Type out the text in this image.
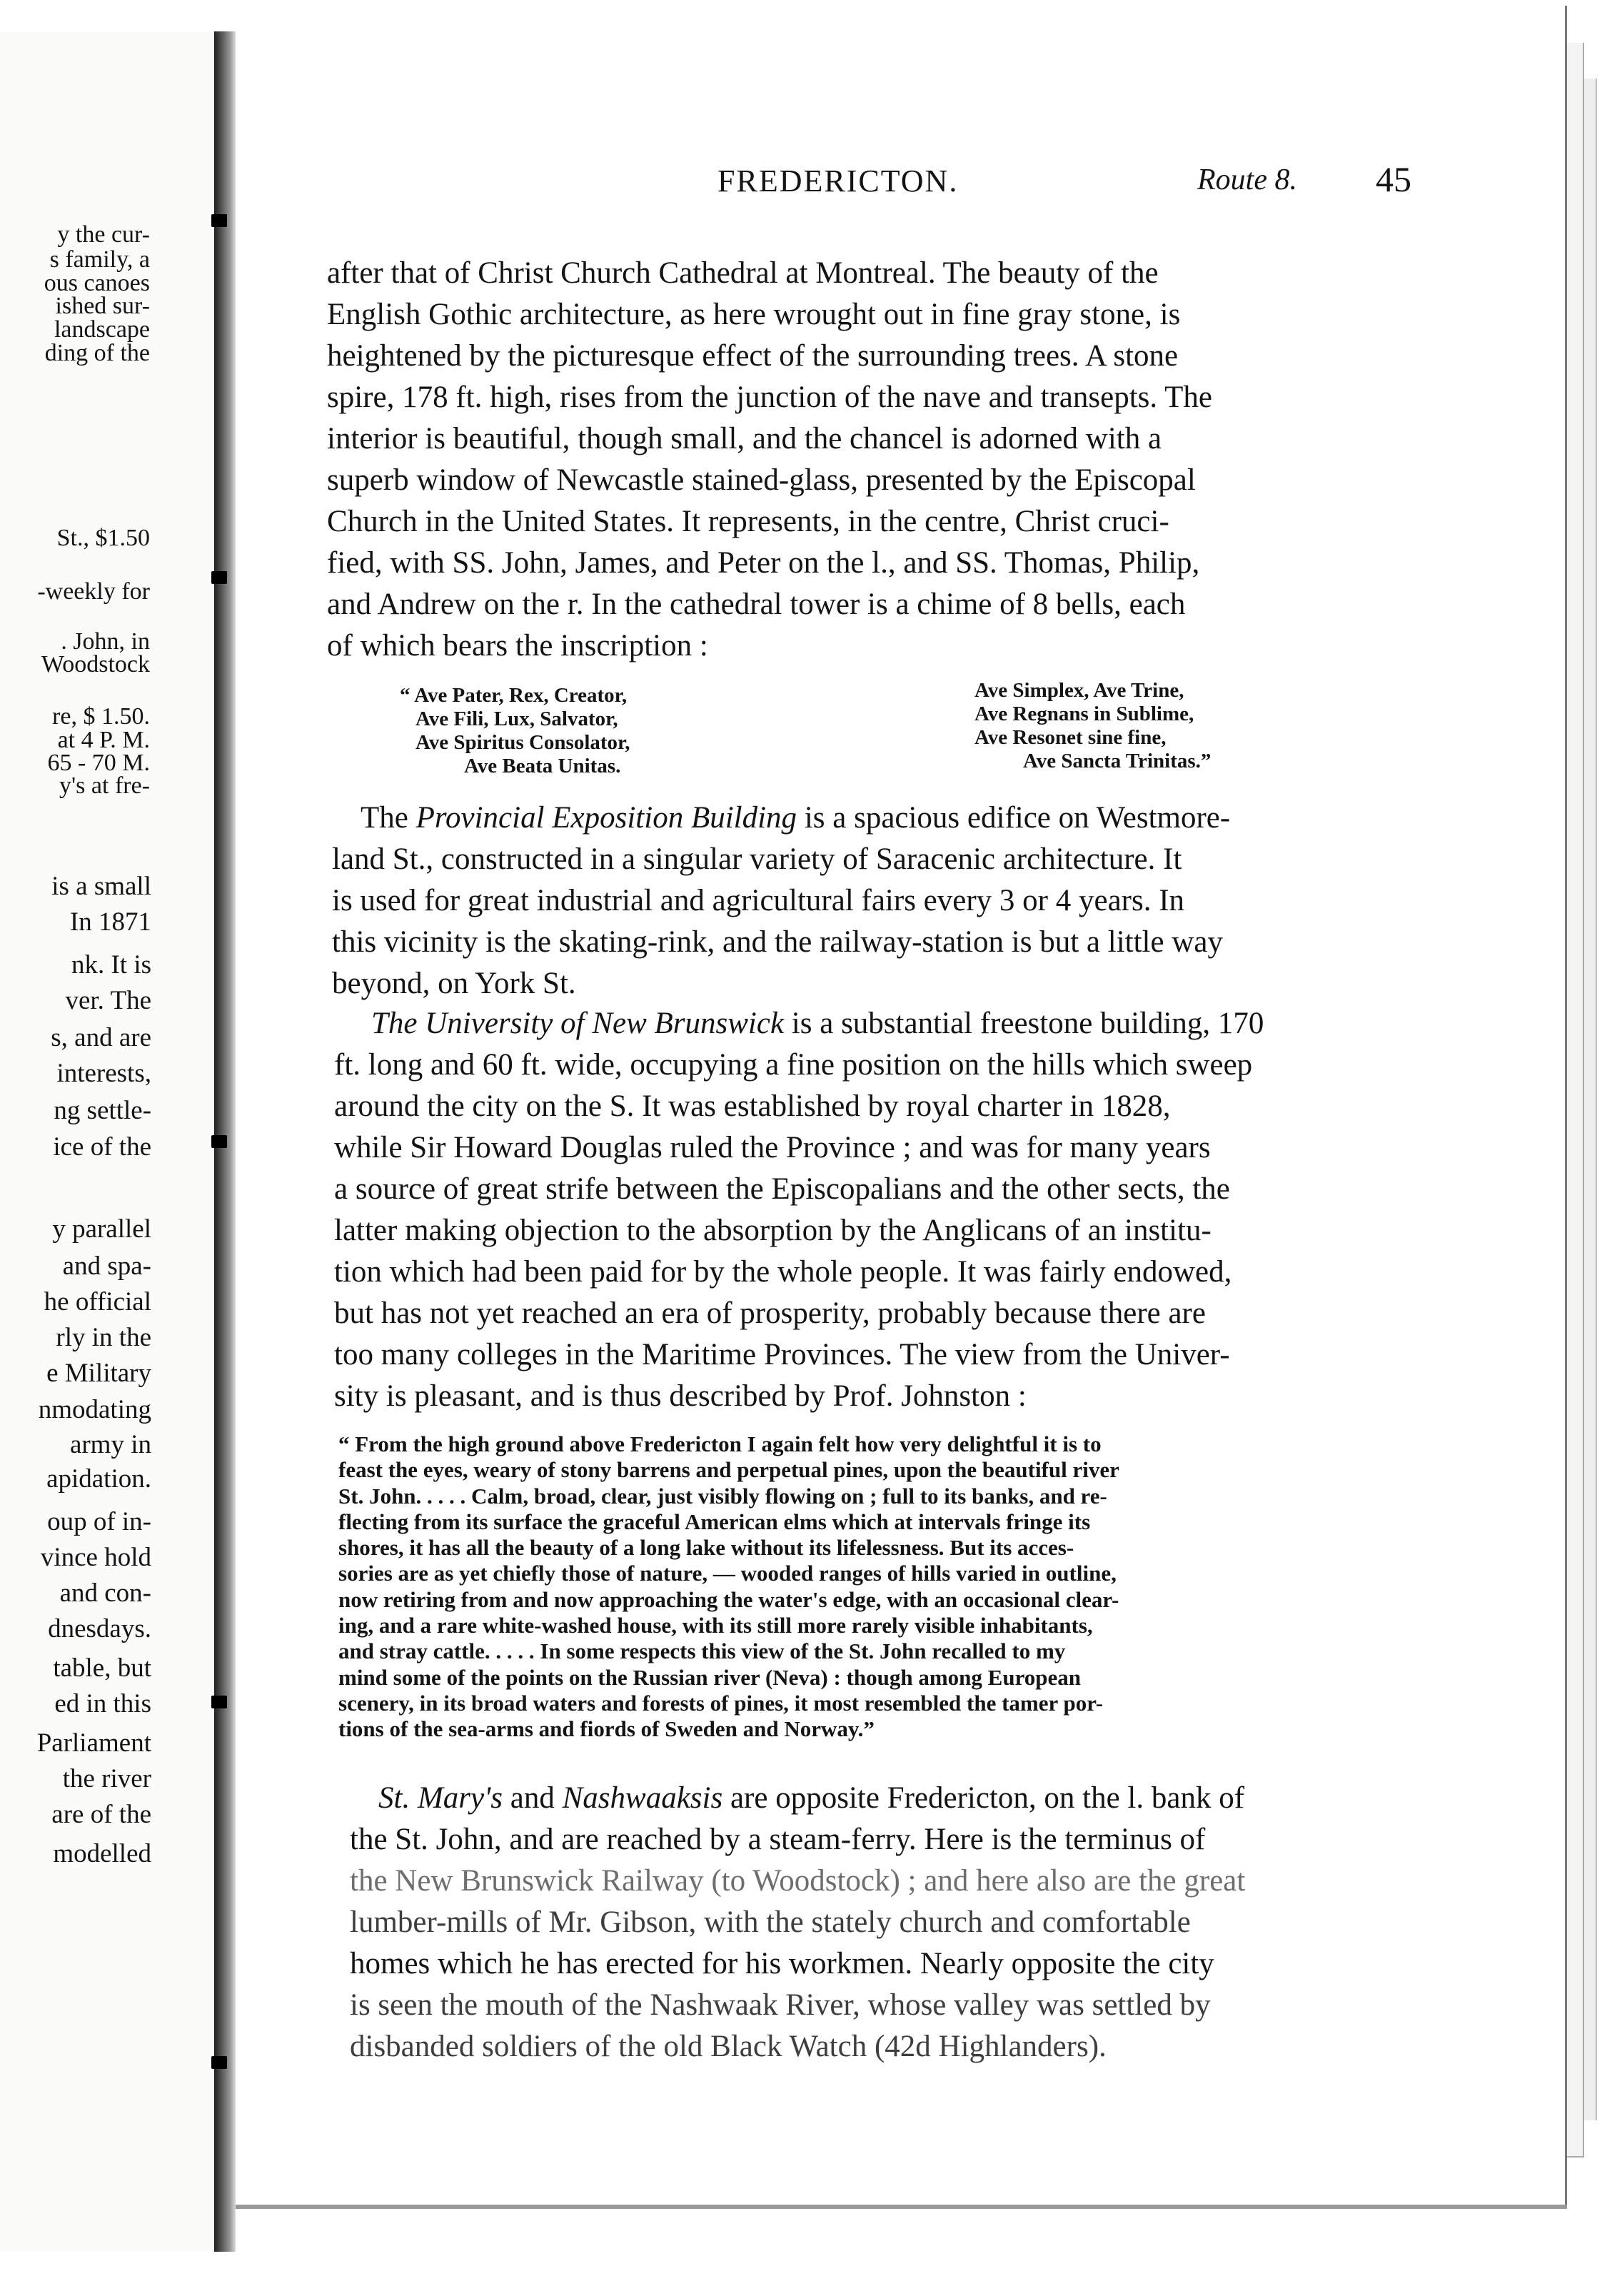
y the cur-
s family, a
ous canoes
ished sur-
landscape
ding of the
St., $1.50
-weekly for
. John, in
Woodstock
re, $ 1.50.
at 4 P. M.
65 - 70 M.
y's at fre-
is a small
In 1871
nk. It is
ver. The
s, and are
interests,
ng settle-
ice of the
y parallel
and spa-
he official
rly in the
e Military
nmodating
army in
apidation.
oup of in-
vince hold
and con-
dnesdays.
table, but
ed in this
Parliament
the river
are of the
modelled
FREDERICTON.	Route 8. 45
after that of Christ Church Cathedral at Montreal. The beauty of the
English Gothic architecture, as here wrought out in fine gray stone, is
heightened by the picturesque effect of the surrounding trees. A stone
spire, 178 ft. high, rises from the junction of the nave and transepts. The
interior is beautiful, though small, and the chancel is adorned with a
superb window of Newcastle stained-glass, presented by the Episcopal
Church in the United States. It represents, in the centre, Christ cruci-
fied, with SS. John, James, and Peter on the l., and SS. Thomas, Philip,
and Andrew on the r. In the cathedral tower is a chime of 8 bells, each
of which bears the inscription :
“ Ave Pater, Rex, Creator,
Ave Fili, Lux, Salvator,
Ave Spiritus Consolator,
Ave Beata Unitas.
Ave Simplex, Ave Trine,
Ave Regnans in Sublime,
Ave Resonet sine fine,
Ave Sancta Trinitas.”
The Provincial Exposition Building is a spacious edifice on Westmore-
land St., constructed in a singular variety of Saracenic architecture. It
is used for great industrial and agricultural fairs every 3 or 4 years. In
this vicinity is the skating-rink, and the railway-station is but a little way
beyond, on York St.
The University of New Brunswick is a substantial freestone building, 170
ft. long and 60 ft. wide, occupying a fine position on the hills which sweep
around the city on the S. It was established by royal charter in 1828,
while Sir Howard Douglas ruled the Province ; and was for many years
a source of great strife between the Episcopalians and the other sects, the
latter making objection to the absorption by the Anglicans of an institu-
tion which had been paid for by the whole people. It was fairly endowed,
but has not yet reached an era of prosperity, probably because there are
too many colleges in the Maritime Provinces. The view from the Univer-
sity is pleasant, and is thus described by Prof. Johnston :
“ From the high ground above Fredericton I again felt how very delightful it is to
feast the eyes, weary of stony barrens and perpetual pines, upon the beautiful river
St. John. . . . . Calm, broad, clear, just visibly flowing on ; full to its banks, and re-
flecting from its surface the graceful American elms which at intervals fringe its
shores, it has all the beauty of a long lake without its lifelessness. But its acces-
sories are as yet chiefly those of nature, — wooded ranges of hills varied in outline,
now retiring from and now approaching the water's edge, with an occasional clear-
ing, and a rare white-washed house, with its still more rarely visible inhabitants,
and stray cattle. . . . . In some respects this view of the St. John recalled to my
mind some of the points on the Russian river (Neva) : though among European
scenery, in its broad waters and forests of pines, it most resembled the tamer por-
tions of the sea-arms and fiords of Sweden and Norway.”
St. Mary's and Nashwaaksis are opposite Fredericton, on the l. bank of
the St. John, and are reached by a steam-ferry. Here is the terminus of
the New Brunswick Railway (to Woodstock) ; and here also are the great
lumber-mills of Mr. Gibson, with the stately church and comfortable
homes which he has erected for his workmen. Nearly opposite the city
is seen the mouth of the Nashwaak River, whose valley was settled by
disbanded soldiers of the old Black Watch (42d Highlanders).
